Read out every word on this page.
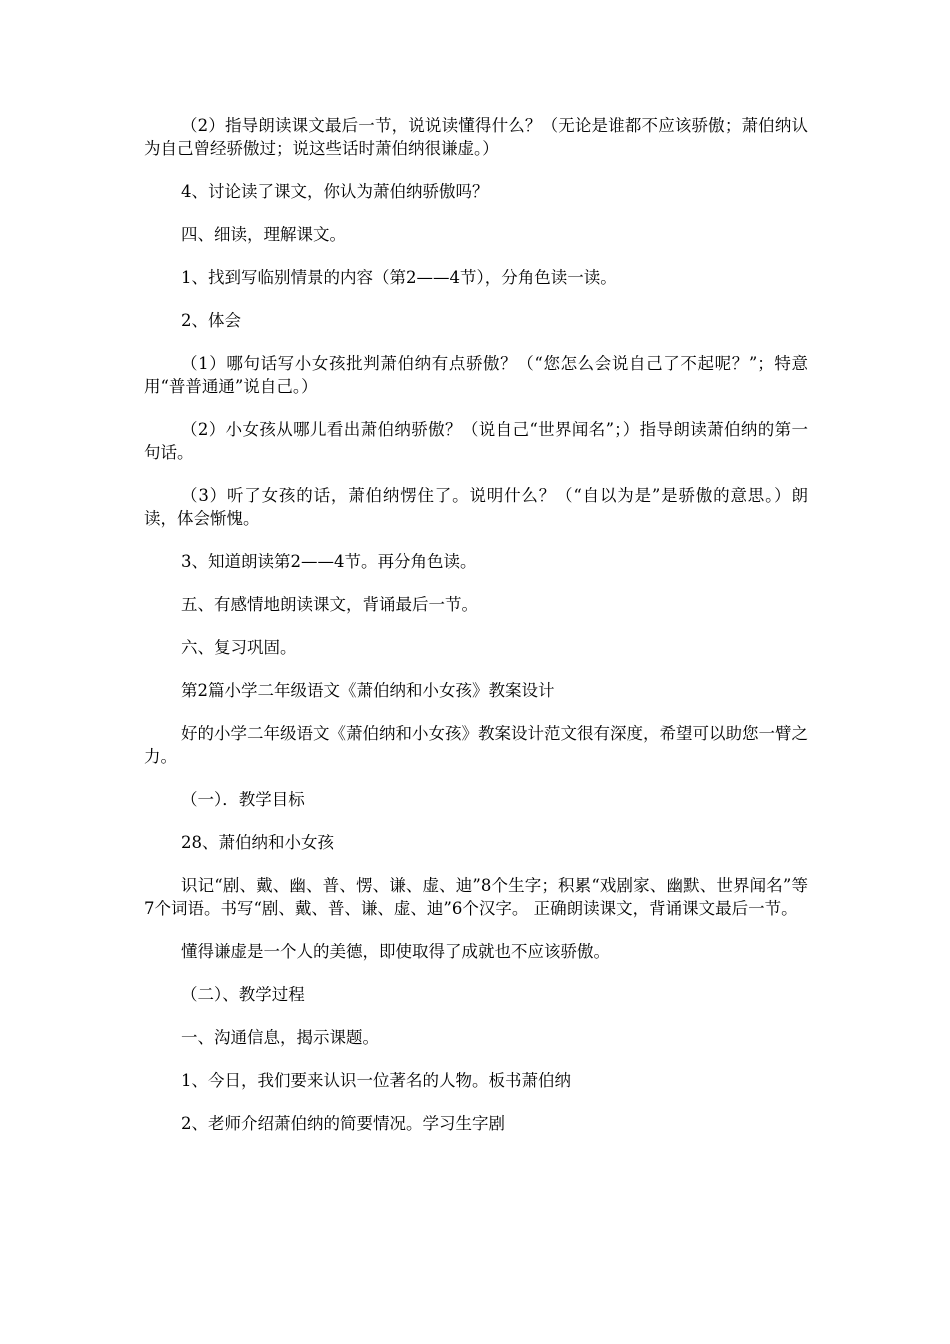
（2）指导朗读课文最后一节，说说读懂得什么？（无论是谁都不应该骄傲；萧伯纳认为自己曾经骄傲过；说这些话时萧伯纳很谦虚。）

4、讨论读了课文，你认为萧伯纳骄傲吗？

四、细读，理解课文。

1、找到写临别情景的内容（第2——4节），分角色读一读。

2、体会

（1）哪句话写小女孩批判萧伯纳有点骄傲？（“您怎么会说自己了不起呢？”；特意用“普普通通”说自己。）

（2）小女孩从哪儿看出萧伯纳骄傲？（说自己“世界闻名”；）指导朗读萧伯纳的第一句话。

（3）听了女孩的话，萧伯纳愣住了。说明什么？（“自以为是”是骄傲的意思。）朗读，体会惭愧。

3、知道朗读第2——4节。再分角色读。

五、有感情地朗读课文，背诵最后一节。

六、复习巩固。

第2篇小学二年级语文《萧伯纳和小女孩》教案设计

好的小学二年级语文《萧伯纳和小女孩》教案设计范文很有深度，希望可以助您一臂之力。

（一）．教学目标

28、萧伯纳和小女孩

识记“剧、戴、幽、普、愣、谦、虚、迪”8个生字；积累“戏剧家、幽默、世界闻名”等7个词语。书写“剧、戴、普、谦、虚、迪”6个汉字。 正确朗读课文，背诵课文最后一节。

懂得谦虚是一个人的美德，即使取得了成就也不应该骄傲。

（二）、教学过程

一、沟通信息，揭示课题。

1、今日，我们要来认识一位著名的人物。板书萧伯纳

2、老师介绍萧伯纳的简要情况。学习生字剧
